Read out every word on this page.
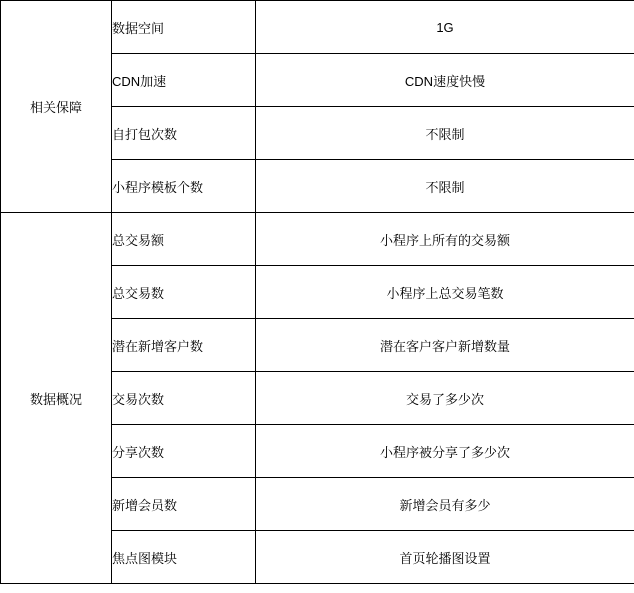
相关保障	数据空间	1G
	CDN加速	CDN速度快慢
	自打包次数	不限制
	小程序模板个数	不限制
数据概况	总交易额	小程序上所有的交易额
	总交易数	小程序上总交易笔数
	潜在新增客户数	潜在客户客户新增数量
	交易次数	交易了多少次
	分享次数	小程序被分享了多少次
	新增会员数	新增会员有多少
	焦点图模块	首页轮播图设置
